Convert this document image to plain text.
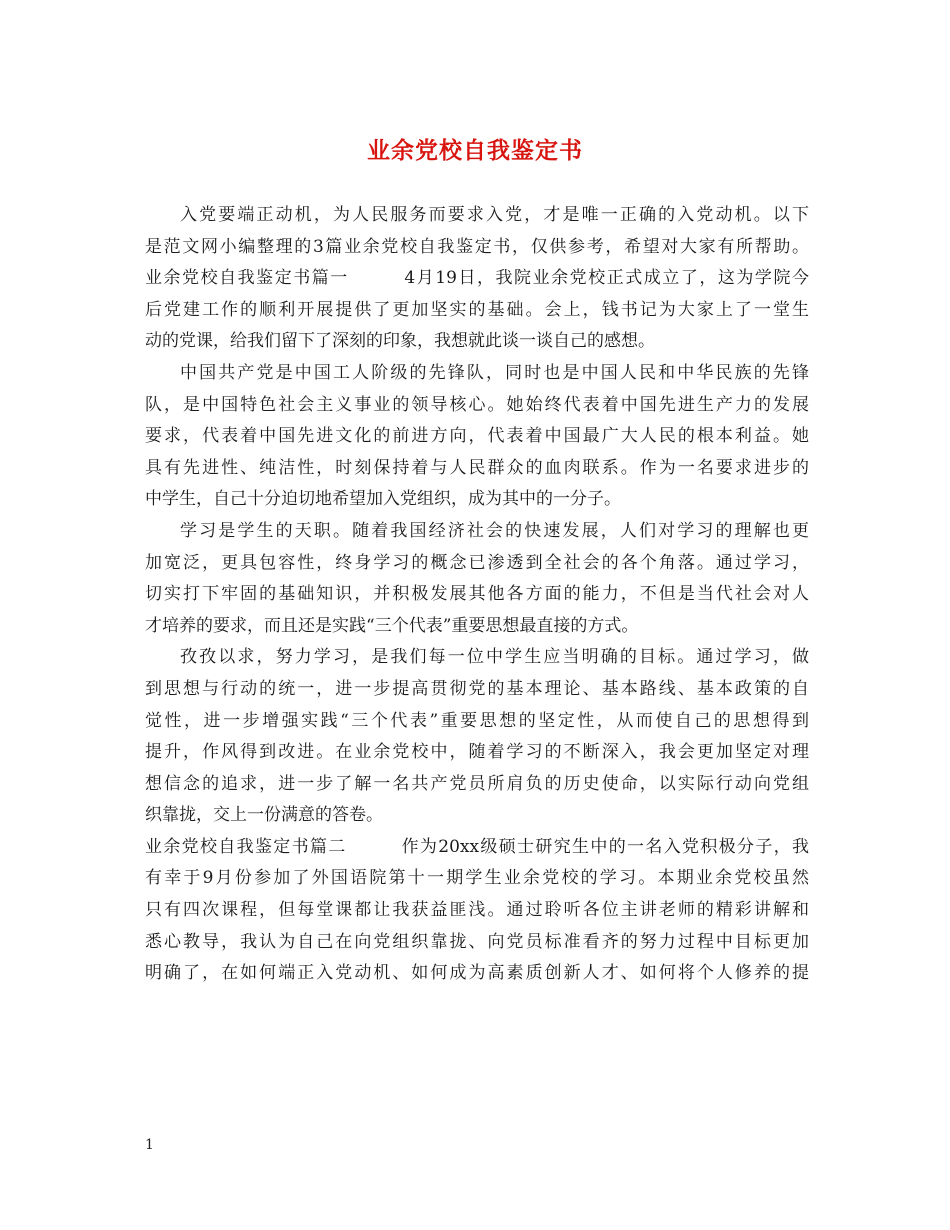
业余党校自我鉴定书
入党要端正动机，为人民服务而要求入党，才是唯一正确的入党动机。以下
是范文网小编整理的3篇业余党校自我鉴定书，仅供参考，希望对大家有所帮助。
业余党校自我鉴定书篇一　　　4月19日，我院业余党校正式成立了，这为学院今
后党建工作的顺利开展提供了更加坚实的基础。会上，钱书记为大家上了一堂生
动的党课，给我们留下了深刻的印象，我想就此谈一谈自己的感想。
中国共产党是中国工人阶级的先锋队，同时也是中国人民和中华民族的先锋
队，是中国特色社会主义事业的领导核心。她始终代表着中国先进生产力的发展
要求，代表着中国先进文化的前进方向，代表着中国最广大人民的根本利益。她
具有先进性、纯洁性，时刻保持着与人民群众的血肉联系。作为一名要求进步的
中学生，自己十分迫切地希望加入党组织，成为其中的一分子。
学习是学生的天职。随着我国经济社会的快速发展，人们对学习的理解也更
加宽泛，更具包容性，终身学习的概念已渗透到全社会的各个角落。通过学习，
切实打下牢固的基础知识，并积极发展其他各方面的能力，不但是当代社会对人
才培养的要求，而且还是实践“三个代表”重要思想最直接的方式。
孜孜以求，努力学习，是我们每一位中学生应当明确的目标。通过学习，做
到思想与行动的统一，进一步提高贯彻党的基本理论、基本路线、基本政策的自
觉性，进一步增强实践“三个代表”重要思想的坚定性，从而使自己的思想得到
提升，作风得到改进。在业余党校中，随着学习的不断深入，我会更加坚定对理
想信念的追求，进一步了解一名共产党员所肩负的历史使命，以实际行动向党组
织靠拢，交上一份满意的答卷。
业余党校自我鉴定书篇二　　　作为20xx级硕士研究生中的一名入党积极分子，我
有幸于9月份参加了外国语院第十一期学生业余党校的学习。本期业余党校虽然
只有四次课程，但每堂课都让我获益匪浅。通过聆听各位主讲老师的精彩讲解和
悉心教导，我认为自己在向党组织靠拢、向党员标准看齐的努力过程中目标更加
明确了，在如何端正入党动机、如何成为高素质创新人才、如何将个人修养的提
1
